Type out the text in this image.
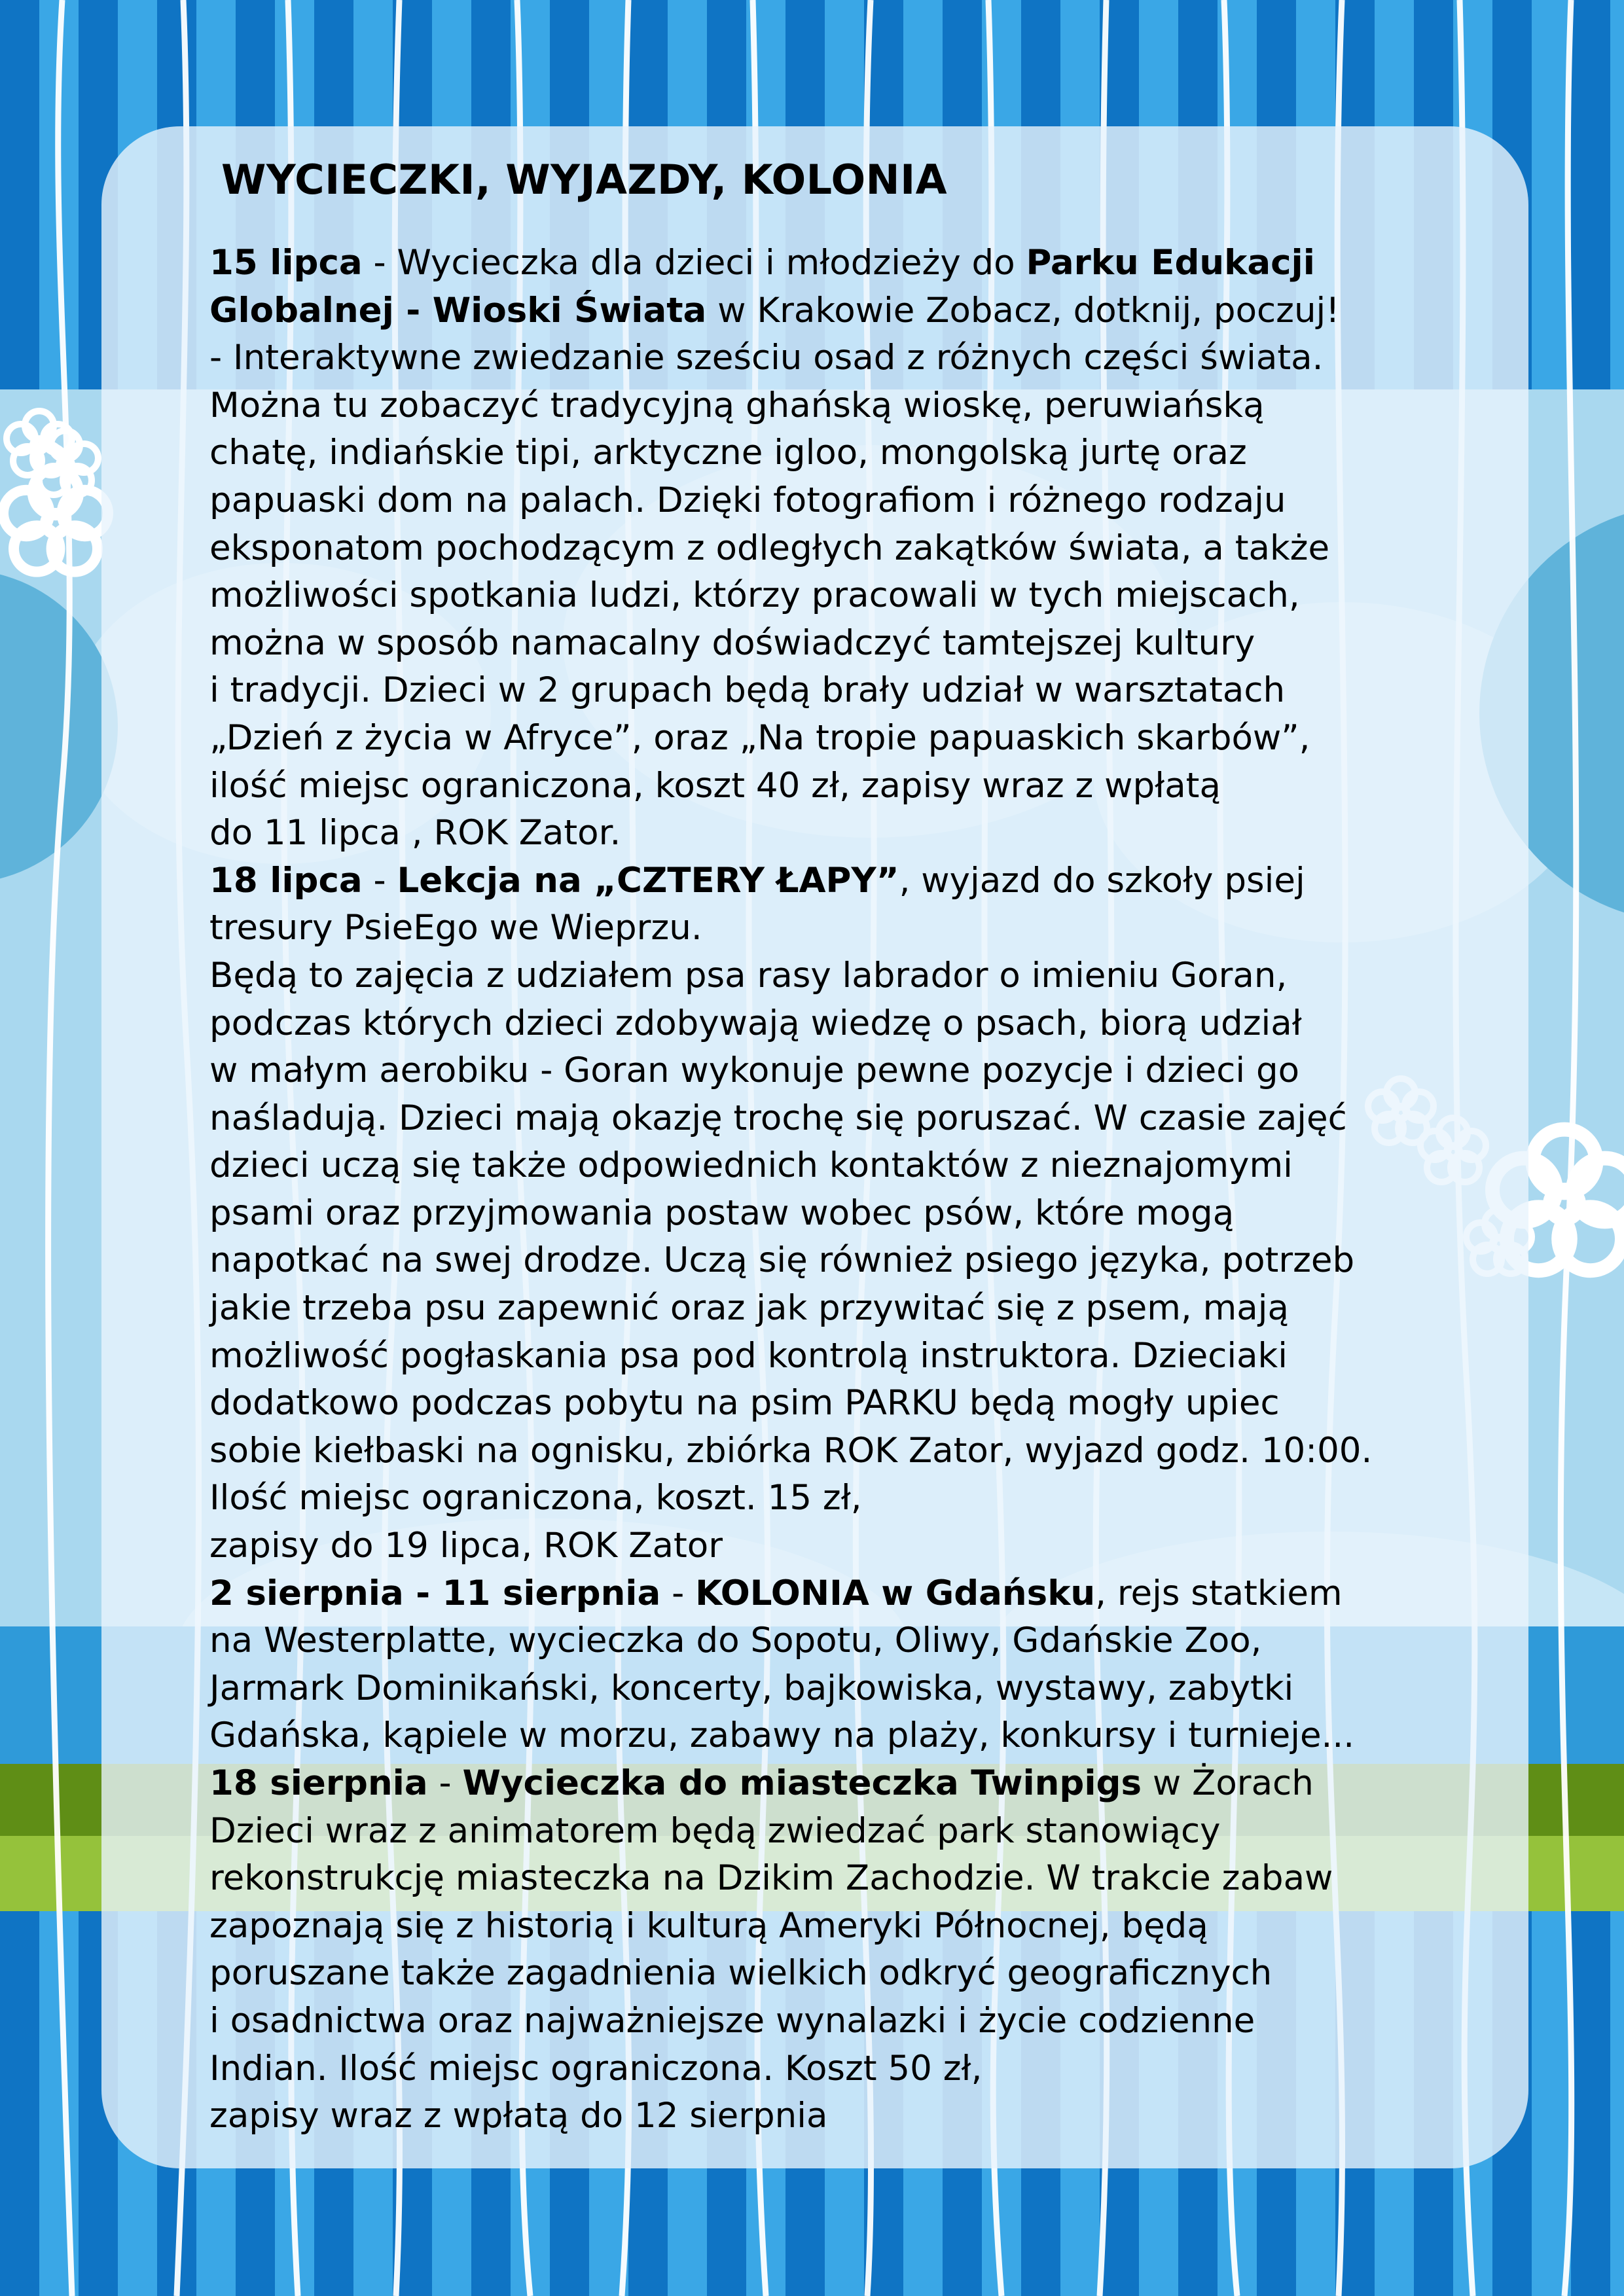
WYCIECZKI, WYJAZDY, KOLONIA
15 lipca - Wycieczka dla dzieci i młodzieży do Parku Edukacji
Globalnej - Wioski Świata w Krakowie Zobacz, dotknij, poczuj!
- Interaktywne zwiedzanie sześciu osad z różnych części świata.
Można tu zobaczyć tradycyjną ghańską wioskę, peruwiańską
chatę, indiańskie tipi, arktyczne igloo, mongolską jurtę oraz
papuaski dom na palach. Dzięki fotografiom i różnego rodzaju
eksponatom pochodzącym z odległych zakątków świata, a także
możliwości spotkania ludzi, którzy pracowali w tych miejscach,
można w sposób namacalny doświadczyć tamtejszej kultury
i tradycji. Dzieci w 2 grupach będą brały udział w warsztatach
„Dzień z życia w Afryce”, oraz „Na tropie papuaskich skarbów”,
ilość miejsc ograniczona, koszt 40 zł, zapisy wraz z wpłatą
do 11 lipca , ROK Zator.
18 lipca - Lekcja na „CZTERY ŁAPY”, wyjazd do szkoły psiej
tresury PsieEgo we Wieprzu.
Będą to zajęcia z udziałem psa rasy labrador o imieniu Goran,
podczas których dzieci zdobywają wiedzę o psach, biorą udział
w małym aerobiku - Goran wykonuje pewne pozycje i dzieci go
naśladują. Dzieci mają okazję trochę się poruszać. W czasie zajęć
dzieci uczą się także odpowiednich kontaktów z nieznajomymi
psami oraz przyjmowania postaw wobec psów, które mogą
napotkać na swej drodze. Uczą się również psiego języka, potrzeb
jakie trzeba psu zapewnić oraz jak przywitać się z psem, mają
możliwość pogłaskania psa pod kontrolą instruktora. Dzieciaki
dodatkowo podczas pobytu na psim PARKU będą mogły upiec
sobie kiełbaski na ognisku, zbiórka ROK Zator, wyjazd godz. 10:00.
Ilość miejsc ograniczona, koszt. 15 zł,
zapisy do 19 lipca, ROK Zator
2 sierpnia - 11 sierpnia - KOLONIA w Gdańsku, rejs statkiem
na Westerplatte, wycieczka do Sopotu, Oliwy, Gdańskie Zoo,
Jarmark Dominikański, koncerty, bajkowiska, wystawy, zabytki
Gdańska, kąpiele w morzu, zabawy na plaży, konkursy i turnieje...
18 sierpnia - Wycieczka do miasteczka Twinpigs w Żorach
Dzieci wraz z animatorem będą zwiedzać park stanowiący
rekonstrukcję miasteczka na Dzikim Zachodzie. W trakcie zabaw
zapoznają się z historią i kulturą Ameryki Północnej, będą
poruszane także zagadnienia wielkich odkryć geograficznych
i osadnictwa oraz najważniejsze wynalazki i życie codzienne
Indian. Ilość miejsc ograniczona. Koszt 50 zł,
zapisy wraz z wpłatą do 12 sierpnia
